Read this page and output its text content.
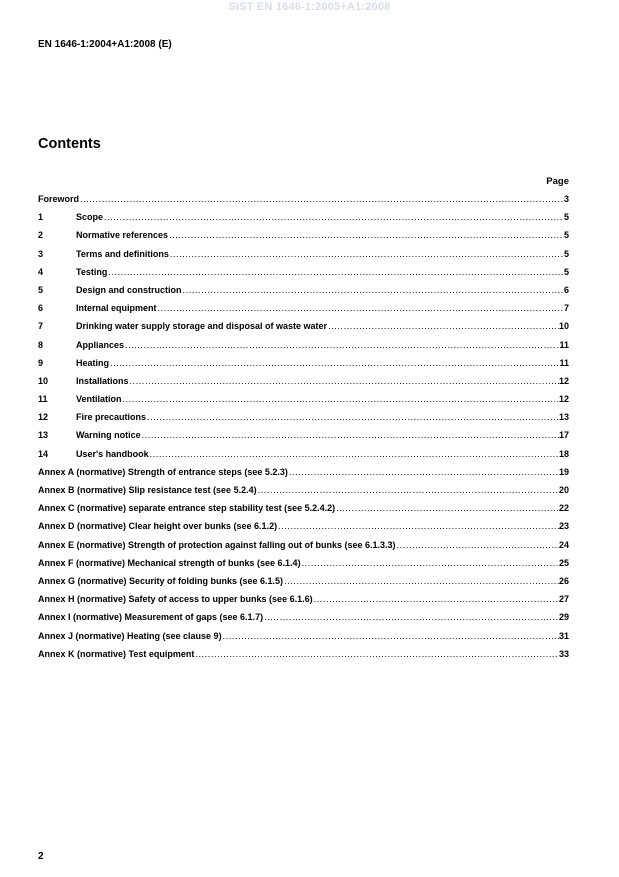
SIST EN 1646-1:2005+A1:2008
EN 1646-1:2004+A1:2008 (E)
Contents
Page
Foreword .....	3
1	Scope .....	5
2	Normative references .....	5
3	Terms and definitions .....	5
4	Testing .....	5
5	Design and construction .....	6
6	Internal equipment .....	7
7	Drinking water supply storage and disposal of waste water .....	10
8	Appliances .....	11
9	Heating .....	11
10	Installations .....	12
11	Ventilation .....	12
12	Fire precautions .....	13
13	Warning notice .....	17
14	User's handbook .....	18
Annex A (normative) Strength of entrance steps (see 5.2.3) .....	19
Annex B (normative) Slip resistance test (see 5.2.4) .....	20
Annex C (normative) separate entrance step stability test (see 5.2.4.2) .....	22
Annex D (normative) Clear height over bunks (see 6.1.2) .....	23
Annex E (normative) Strength of protection against falling out of bunks (see 6.1.3.3) .....	24
Annex F (normative) Mechanical strength of bunks (see 6.1.4) .....	25
Annex G (normative) Security of folding bunks (see 6.1.5) .....	26
Annex H (normative) Safety of access to upper bunks (see 6.1.6) .....	27
Annex I (normative) Measurement of gaps (see 6.1.7) .....	29
Annex J (normative) Heating (see clause 9) .....	31
Annex K (normative) Test equipment .....	33
2
